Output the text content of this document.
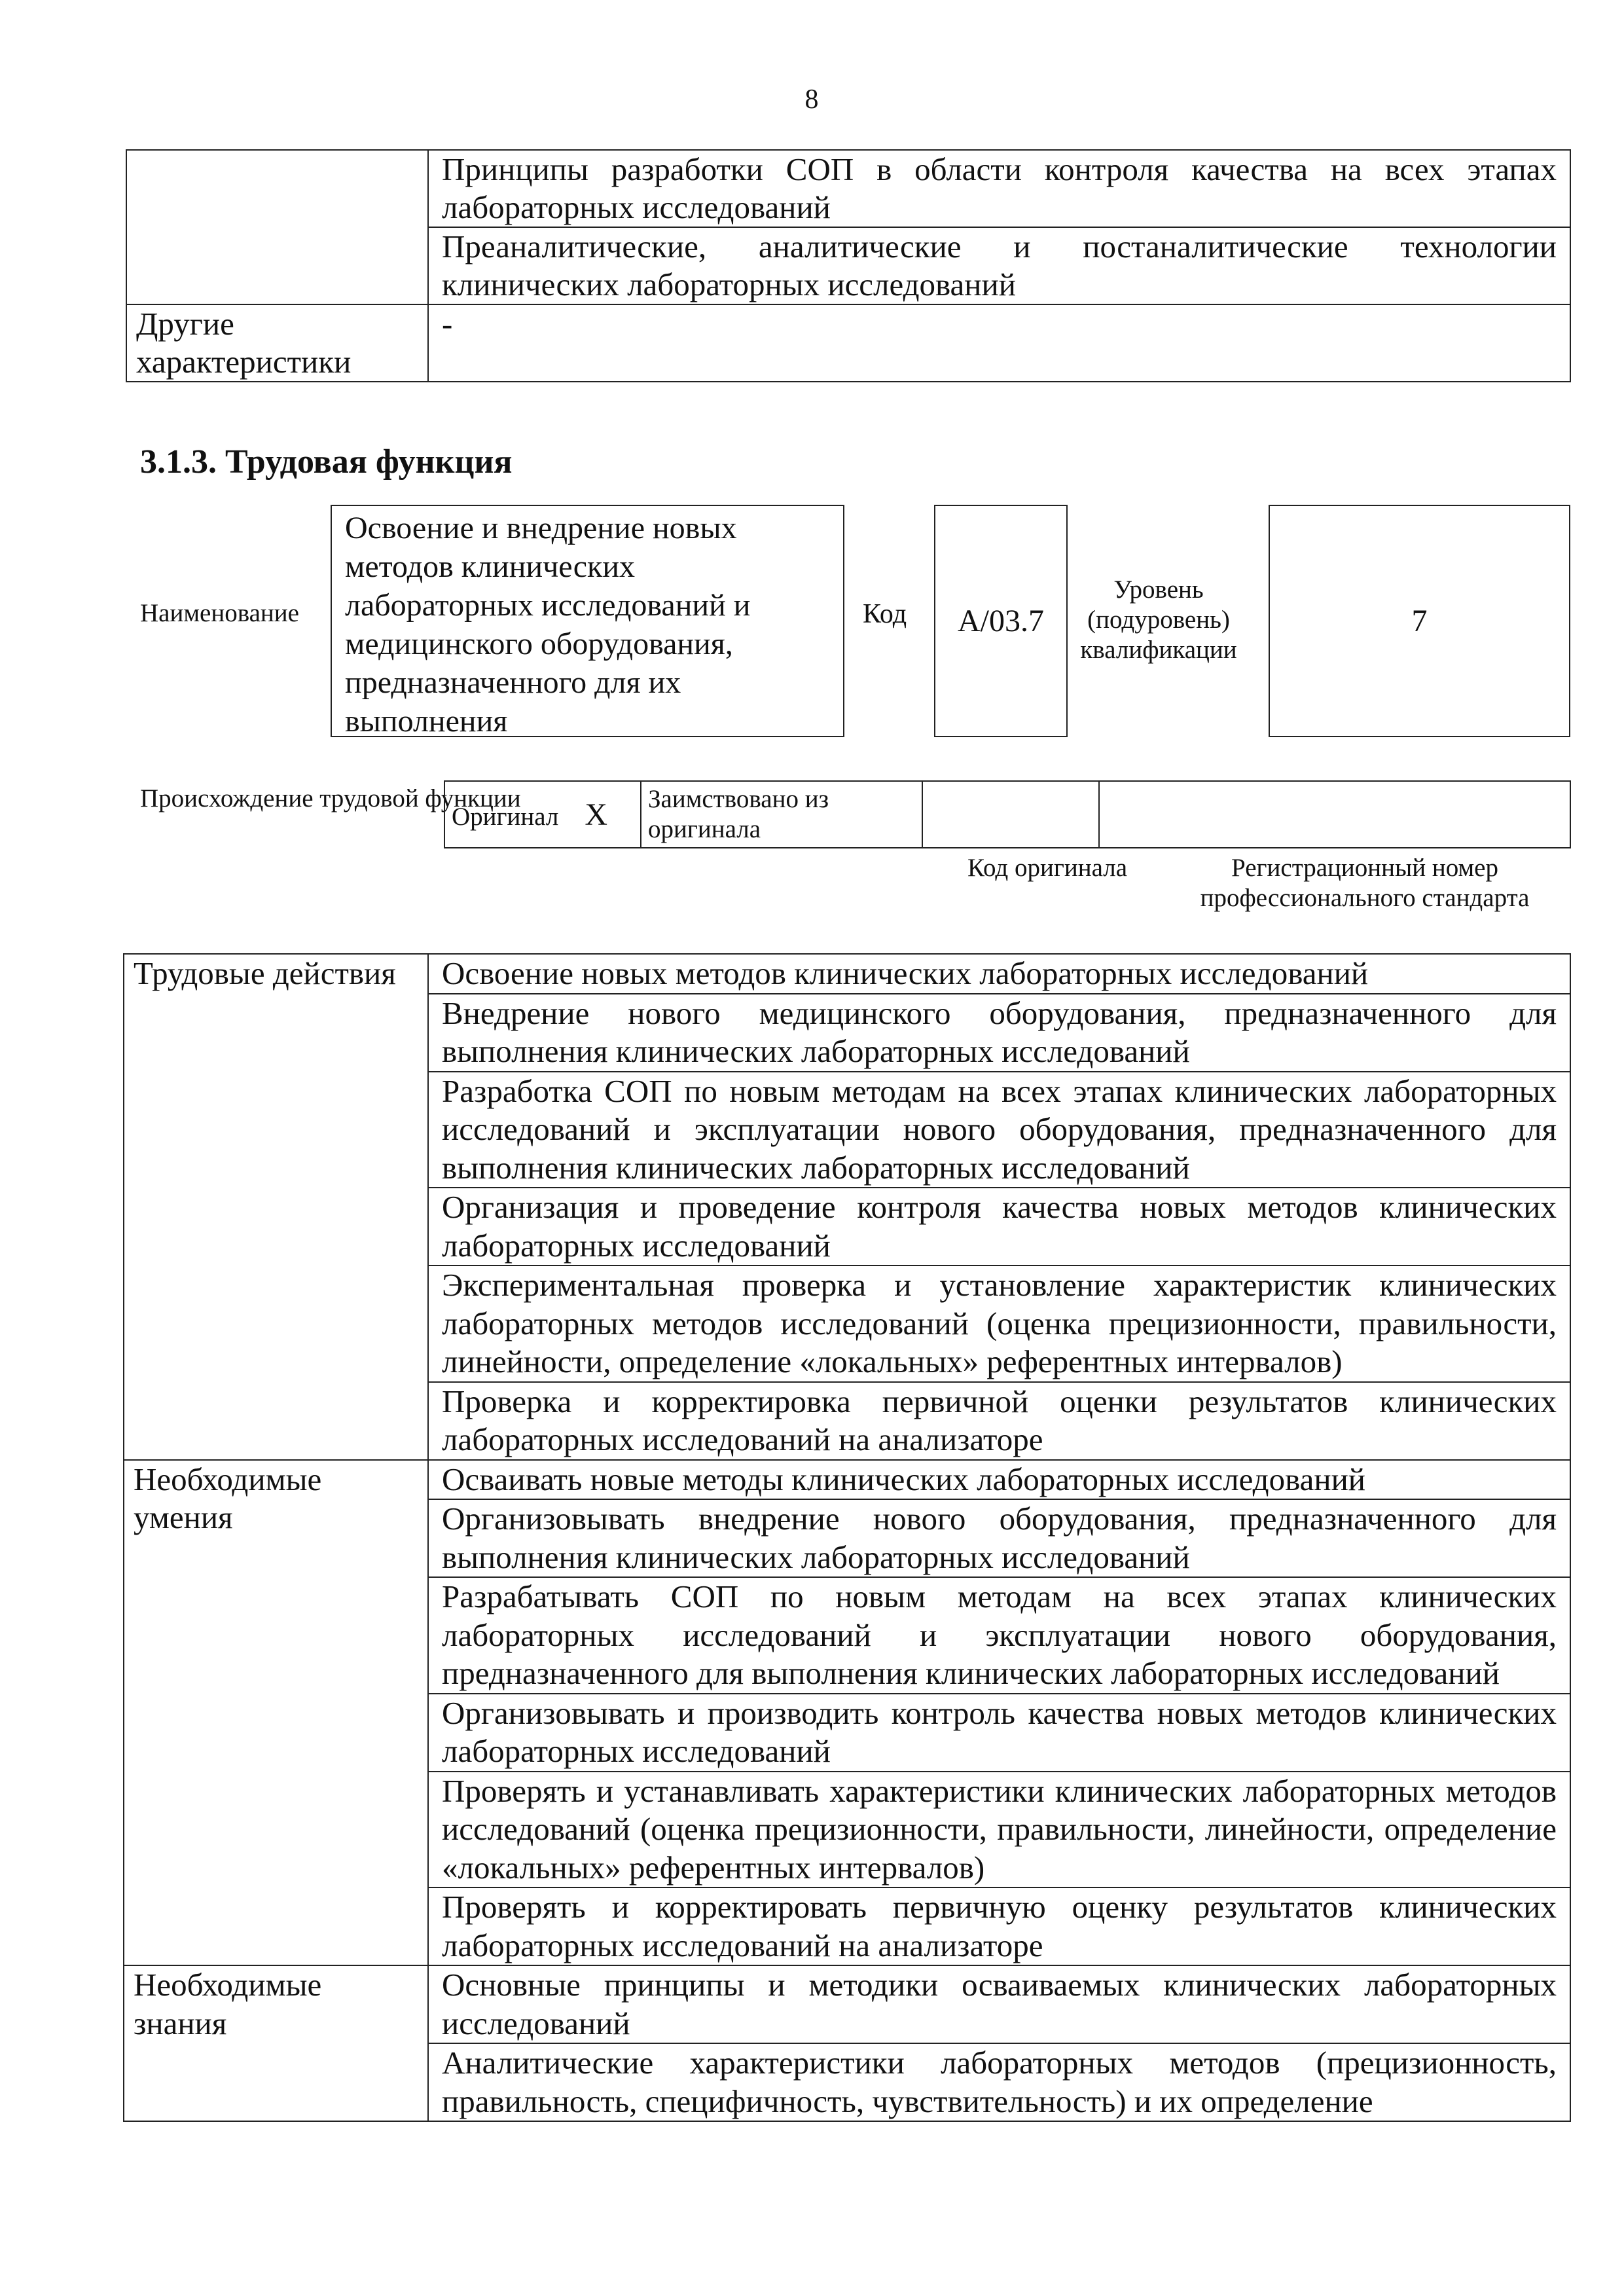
8
	Принципы разработки СОП в области контроля качества на всех этапах лабораторных исследований
	Преаналитические, аналитические и постаналитические технологии клинических лабораторных исследований
Другие характеристики	-
3.1.3. Трудовая функция
Наименование
Освоение и внедрение новых методов клинических лабораторных исследований и медицинского оборудования, предназначенного для их выполнения
Код A/03.7
Уровень (подуровень) квалификации
7
Происхождение трудовой функции
Оригинал X	Заимствовано из оригинала		
Код оригинала	Регистрационный номер профессионального стандарта
Трудовые действия	Освоение новых методов клинических лабораторных исследований
	Внедрение нового медицинского оборудования, предназначенного для выполнения клинических лабораторных исследований
	Разработка СОП по новым методам на всех этапах клинических лабораторных исследований и эксплуатации нового оборудования, предназначенного для выполнения клинических лабораторных исследований
	Организация и проведение контроля качества новых методов клинических лабораторных исследований
	Экспериментальная проверка и установление характеристик клинических лабораторных методов исследований (оценка прецизионности, правильности, линейности, определение «локальных» референтных интервалов)
	Проверка и корректировка первичной оценки результатов клинических лабораторных исследований на анализаторе
Необходимые умения	Осваивать новые методы клинических лабораторных исследований
	Организовывать внедрение нового оборудования, предназначенного для выполнения клинических лабораторных исследований
	Разрабатывать СОП по новым методам на всех этапах клинических лабораторных исследований и эксплуатации нового оборудования, предназначенного для выполнения клинических лабораторных исследований
	Организовывать и производить контроль качества новых методов клинических лабораторных исследований
	Проверять и устанавливать характеристики клинических лабораторных методов исследований (оценка прецизионности, правильности, линейности, определение «локальных» референтных интервалов)
	Проверять и корректировать первичную оценку результатов клинических лабораторных исследований на анализаторе
Необходимые знания	Основные принципы и методики осваиваемых клинических лабораторных исследований
	Аналитические характеристики лабораторных методов (прецизионность, правильность, специфичность, чувствительность) и их определение
